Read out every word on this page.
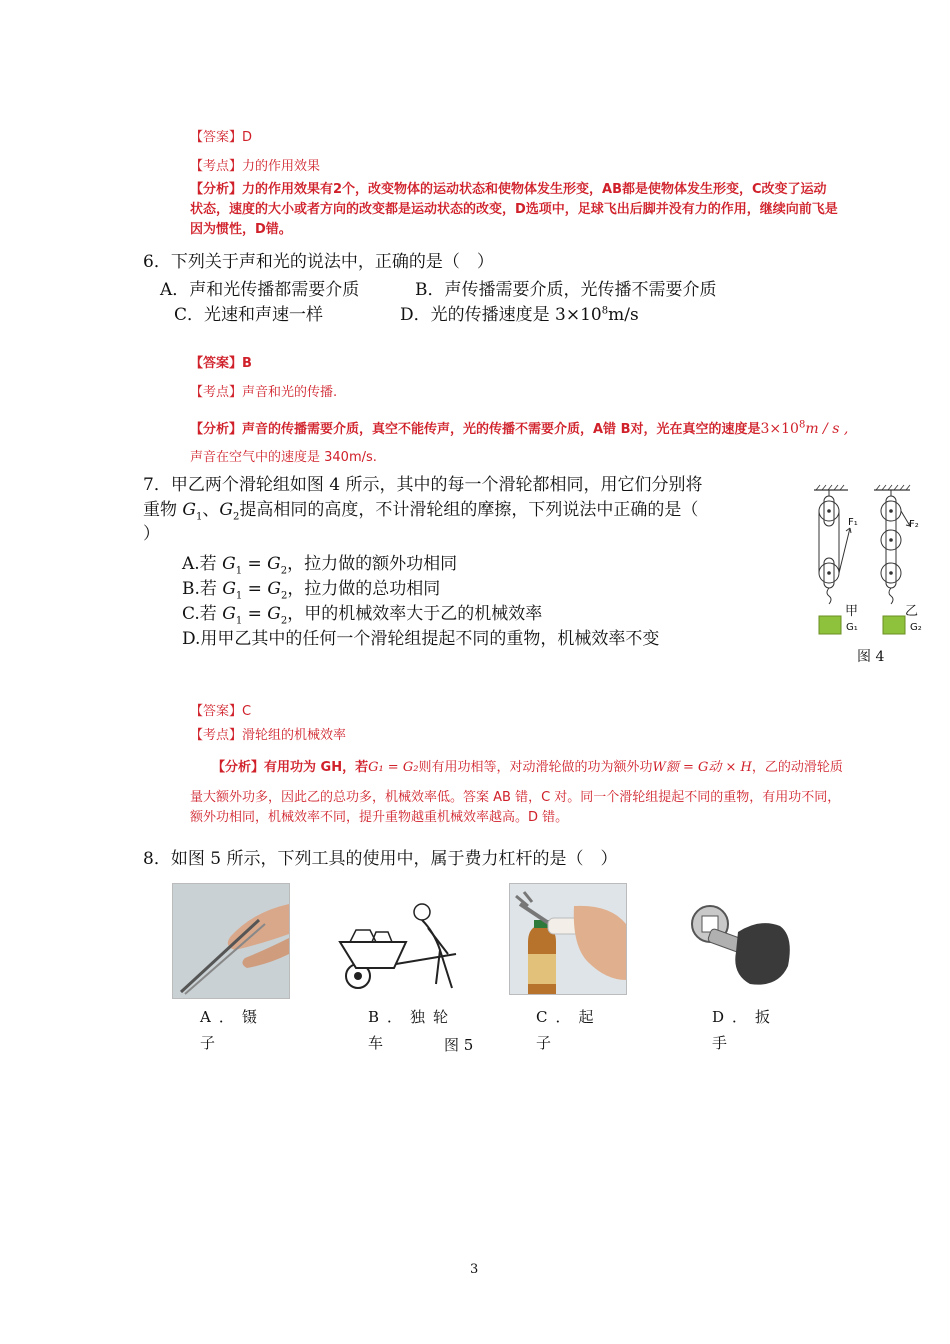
【答案】D
【考点】力的作用效果
【分析】力的作用效果有2个，改变物体的运动状态和使物体发生形变，AB都是使物体发生形变，C改变了运动
状态，速度的大小或者方向的改变都是运动状态的改变，D选项中，足球飞出后脚并没有力的作用，继续向前飞是
因为惯性，D错。
6．下列关于声和光的说法中，正确的是（　）
A．声和光传播都需要介质	B．声传播需要介质，光传播不需要介质
C．光速和声速一样	D．光的传播速度是 $3\times 10^8m/s$
【答案】B
【考点】声音和光的传播.
【分析】声音的传播需要介质，真空不能传声，光的传播不需要介质，A错 B对，光在真空的速度是$3\times 10^8m / s$ ,
声音在空气中的速度是 340m/s.
7．甲乙两个滑轮组如图 4 所示，其中的每一个滑轮都相同，用它们分别将
重物 $G_1$、$G_2$提高相同的高度，不计滑轮组的摩擦，下列说法中正确的是（
）
A.若 $G_1 = G_2$，拉力做的额外功相同
B.若 $G_1 = G_2$，拉力做的总功相同
C.若 $G_1 = G_2$，甲的机械效率大于乙的机械效率
D.用甲乙其中的任何一个滑轮组提起不同的重物，机械效率不变
F₁	F₂
甲	乙
G₁	G₂
图 4
【答案】C
【考点】滑轮组的机械效率
【分析】有用功为 GH，若G₁ = G₂则有用功相等，对动滑轮做的功为额外功W额 = G动 × H，乙的动滑轮质
量大额外功多，因此乙的总功多，机械效率低。答案 AB 错，C 对。同一个滑轮组提起不同的重物，有用功不同，
额外功相同，机械效率不同，提升重物越重机械效率越高。D 错。
8．如图 5 所示，下列工具的使用中，属于费力杠杆的是（　）
A．镊
子
B．独轮
车	图 5
C．起
子
D．扳
手
3
